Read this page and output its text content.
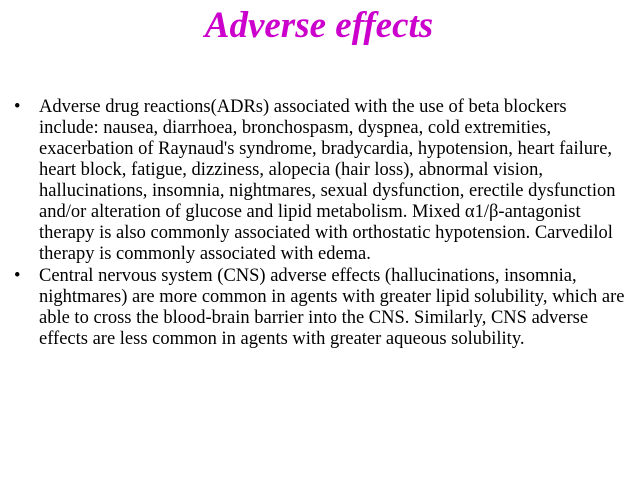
Adverse effects
•	Adverse drug reactions(ADRs) associated with the use of beta blockers include: nausea, diarrhoea, bronchospasm, dyspnea, cold extremities, exacerbation of Raynaud's syndrome, bradycardia, hypotension, heart failure, heart block, fatigue, dizziness, alopecia (hair loss), abnormal vision, hallucinations, insomnia, nightmares, sexual dysfunction, erectile dysfunction and/or alteration of glucose and lipid metabolism. Mixed α1/β-antagonist therapy is also commonly associated with orthostatic hypotension. Carvedilol therapy is commonly associated with edema.
•	Central nervous system (CNS) adverse effects (hallucinations, insomnia, nightmares) are more common in agents with greater lipid solubility, which are able to cross the blood-brain barrier into the CNS. Similarly, CNS adverse effects are less common in agents with greater aqueous solubility.
